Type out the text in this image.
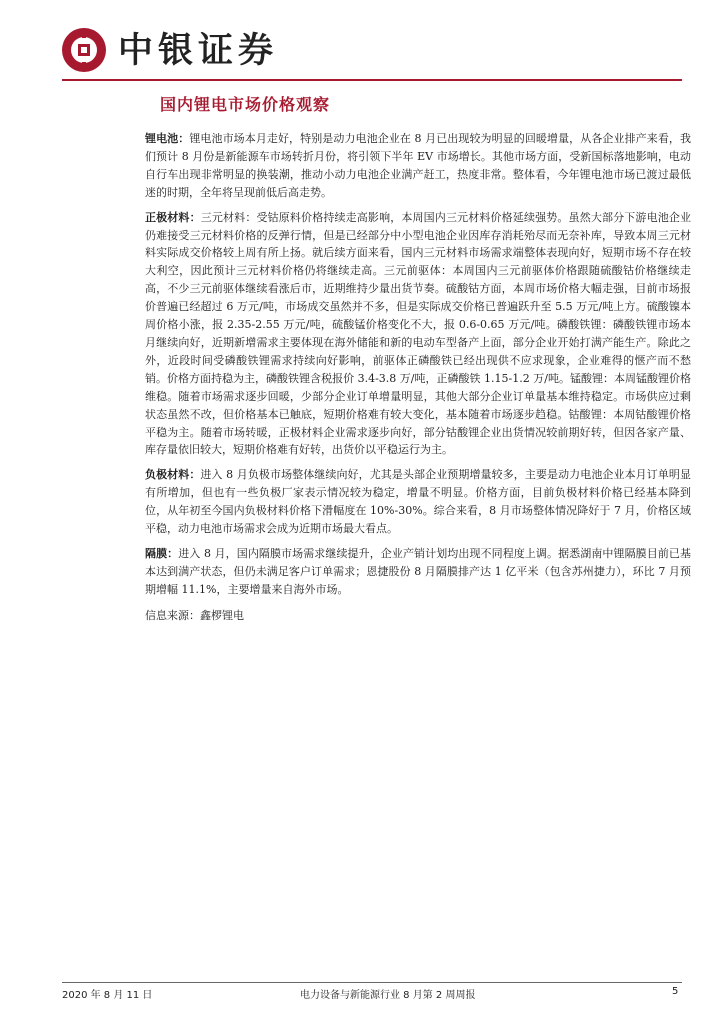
中银证券
国内锂电市场价格观察

锂电池：锂电池市场本月走好，特别是动力电池企业在 8 月已出现较为明显的回暖增量，从各企业排产来看，我们预计 8 月份是新能源车市场转折月份，将引领下半年 EV 市场增长。其他市场方面，受新国标落地影响，电动自行车出现非常明显的换装潮，推动小动力电池企业满产赶工，热度非常。整体看，今年锂电池市场已渡过最低迷的时期，全年将呈现前低后高走势。

正极材料：三元材料：受钴原料价格持续走高影响，本周国内三元材料价格延续强势。虽然大部分下游电池企业仍难接受三元材料价格的反弹行情，但是已经部分中小型电池企业因库存消耗殆尽而无奈补库，导致本周三元材料实际成交价格较上周有所上扬。就后续方面来看，国内三元材料市场需求端整体表现向好，短期市场不存在较大利空，因此预计三元材料价格仍将继续走高。三元前驱体：本周国内三元前驱体价格跟随硫酸钴价格继续走高，不少三元前驱体继续看涨后市，近期维持少量出货节奏。硫酸钴方面，本周市场价格大幅走强，目前市场报价普遍已经超过 6 万元/吨，市场成交虽然并不多，但是实际成交价格已普遍跃升至 5.5 万元/吨上方。硫酸镍本周价格小涨，报 2.35-2.55 万元/吨，硫酸锰价格变化不大，报 0.6-0.65 万元/吨。磷酸铁锂：磷酸铁锂市场本月继续向好，近期新增需求主要体现在海外储能和新的电动车型备产上面，部分企业开始打满产能生产。除此之外，近段时间受磷酸铁锂需求持续向好影响，前驱体正磷酸铁已经出现供不应求现象，企业难得的惬产而不愁销。价格方面持稳为主，磷酸铁锂含税报价 3.4-3.8 万/吨，正磷酸铁 1.15-1.2 万/吨。锰酸锂：本周锰酸锂价格维稳。随着市场需求逐步回暖，少部分企业订单增量明显，其他大部分企业订单量基本维持稳定。市场供应过剩状态虽然不改，但价格基本已触底，短期价格难有较大变化，基本随着市场逐步趋稳。钴酸锂：本周钴酸锂价格平稳为主。随着市场转暖，正极材料企业需求逐步向好，部分钴酸锂企业出货情况较前期好转，但因各家产量、库存量依旧较大，短期价格难有好转，出货价以平稳运行为主。

负极材料：进入 8 月负极市场整体继续向好，尤其是头部企业预期增量较多，主要是动力电池企业本月订单明显有所增加，但也有一些负极厂家表示情况较为稳定，增量不明显。价格方面，目前负极材料价格已经基本降到位，从年初至今国内负极材料价格下滑幅度在 10%-30%。综合来看，8 月市场整体情况降好于 7 月，价格区域平稳，动力电池市场需求会成为近期市场最大看点。

隔膜：进入 8 月，国内隔膜市场需求继续提升，企业产销计划均出现不同程度上调。据悉湖南中锂隔膜目前已基本达到满产状态，但仍未满足客户订单需求；恩捷股份 8 月隔膜排产达 1 亿平米（包含苏州捷力），环比 7 月预期增幅 11.1%，主要增量来自海外市场。

信息来源：鑫椤锂电

2020 年 8 月 11 日	电力设备与新能源行业 8 月第 2 周周报	5
